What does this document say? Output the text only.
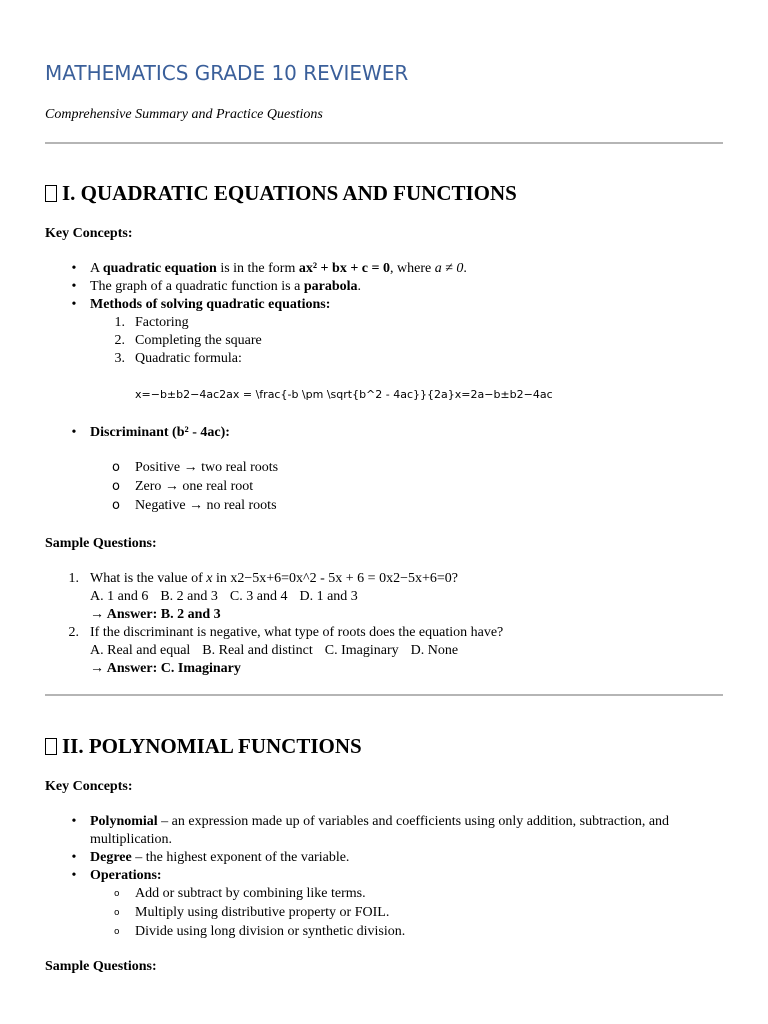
MATHEMATICS GRADE 10 REVIEWER
Comprehensive Summary and Practice Questions
I. QUADRATIC EQUATIONS AND FUNCTIONS
Key Concepts:
• A quadratic equation is in the form ax² + bx + c = 0, where a ≠ 0.
• The graph of a quadratic function is a parabola.
• Methods of solving quadratic equations:
1. Factoring
2. Completing the square
3. Quadratic formula:
x=−b±b2−4ac2ax = \frac{-b \pm \sqrt{b^2 - 4ac}}{2a}x=2a−b±b2−4ac
• Discriminant (b² - 4ac):
o Positive → two real roots
o Zero → one real root
o Negative → no real roots
Sample Questions:
1. What is the value of x in x2−5x+6=0x^2 - 5x + 6 = 0x2−5x+6=0?
A. 1 and 6 B. 2 and 3 C. 3 and 4 D. 1 and 3
→ Answer: B. 2 and 3
2. If the discriminant is negative, what type of roots does the equation have?
A. Real and equal B. Real and distinct C. Imaginary D. None
→ Answer: C. Imaginary
II. POLYNOMIAL FUNCTIONS
Key Concepts:
• Polynomial – an expression made up of variables and coefficients using only addition, subtraction, and
multiplication.
• Degree – the highest exponent of the variable.
• Operations:
o Add or subtract by combining like terms.
o Multiply using distributive property or FOIL.
o Divide using long division or synthetic division.
Sample Questions:
